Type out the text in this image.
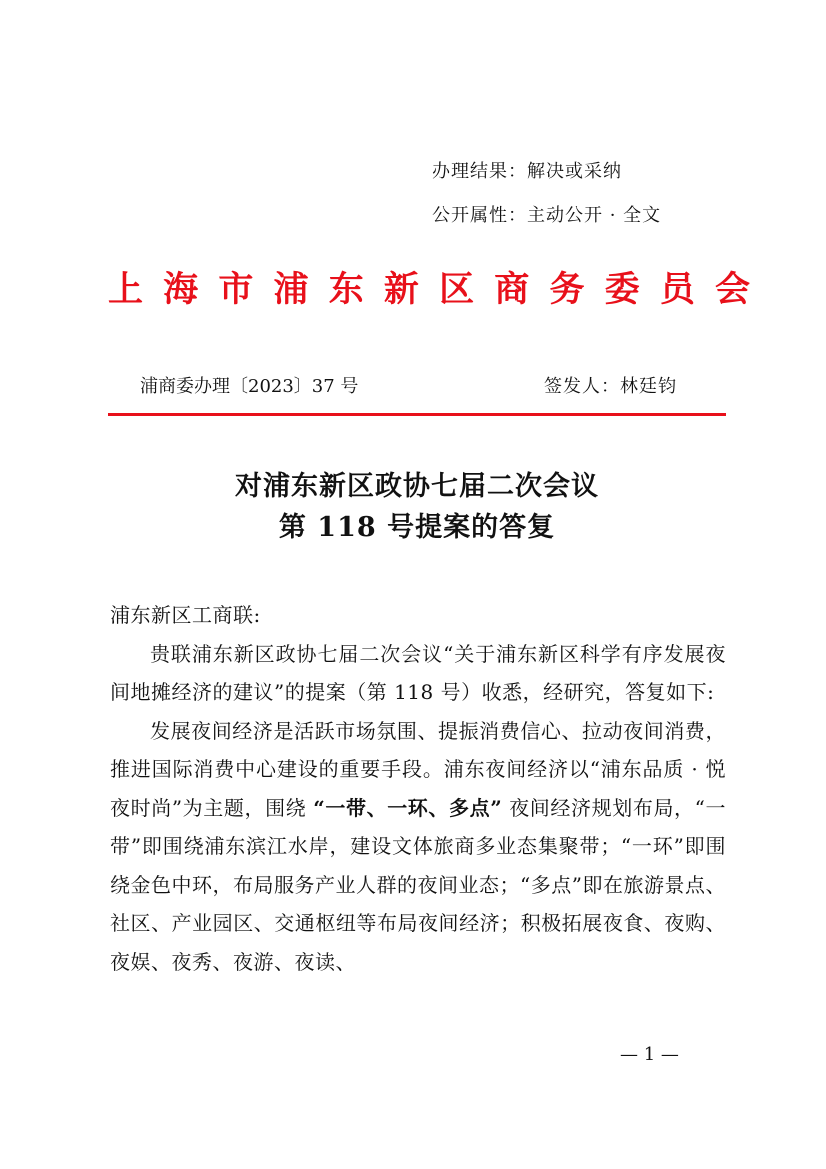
办理结果：解决或采纳
公开属性：主动公开 · 全文
上 海 市 浦 东 新 区 商 务 委 员 会
浦商委办理〔2023〕37 号	签发人：林廷钧
对浦东新区政协七届二次会议
第 118 号提案的答复

浦东新区工商联:

贵联浦东新区政协七届二次会议“关于浦东新区科学有序发展夜间地摊经济的建议”的提案（第 118 号）收悉，经研究，答复如下:

发展夜间经济是活跃市场氛围、提振消费信心、拉动夜间消费，推进国际消费中心建设的重要手段。浦东夜间经济以“浦东品质 · 悦夜时尚”为主题，围绕 “一带、一环、多点” 夜间经济规划布局，“一带”即围绕浦东滨江水岸，建设文体旅商多业态集聚带；“一环”即围绕金色中环，布局服务产业人群的夜间业态；“多点”即在旅游景点、社区、产业园区、交通枢纽等布局夜间经济；积极拓展夜食、夜购、夜娱、夜秀、夜游、夜读、

— 1 —
